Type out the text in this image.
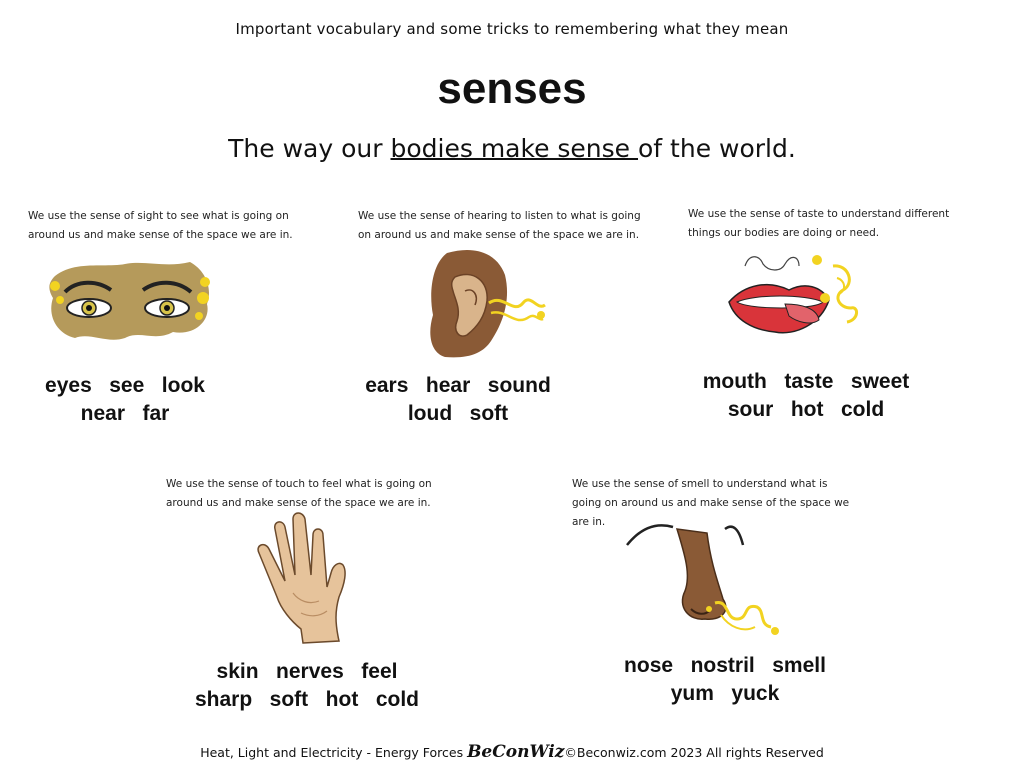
Important vocabulary and some tricks to remembering what they mean
senses
The way our bodies make sense of the world.
We use the sense of sight to see what is going on around us and make sense of the space we are in.
eyes   see   look
near   far
We use the sense of hearing to listen to what is going on around us and make sense of the space we are in.
ears   hear   sound
loud   soft
We use the sense of taste to understand different things our bodies are doing or need.
mouth   taste   sweet
sour   hot   cold
We use the sense of touch to feel what is going on around us and make sense of the space we are in.
skin   nerves   feel
sharp   soft   hot   cold
We use the sense of smell to understand what is going on around us and make sense of the space we are in.
nose   nostril   smell
yum   yuck
Heat, Light and Electricity - Energy Forces BeConWiz©Beconwiz.com 2023 All rights Reserved
